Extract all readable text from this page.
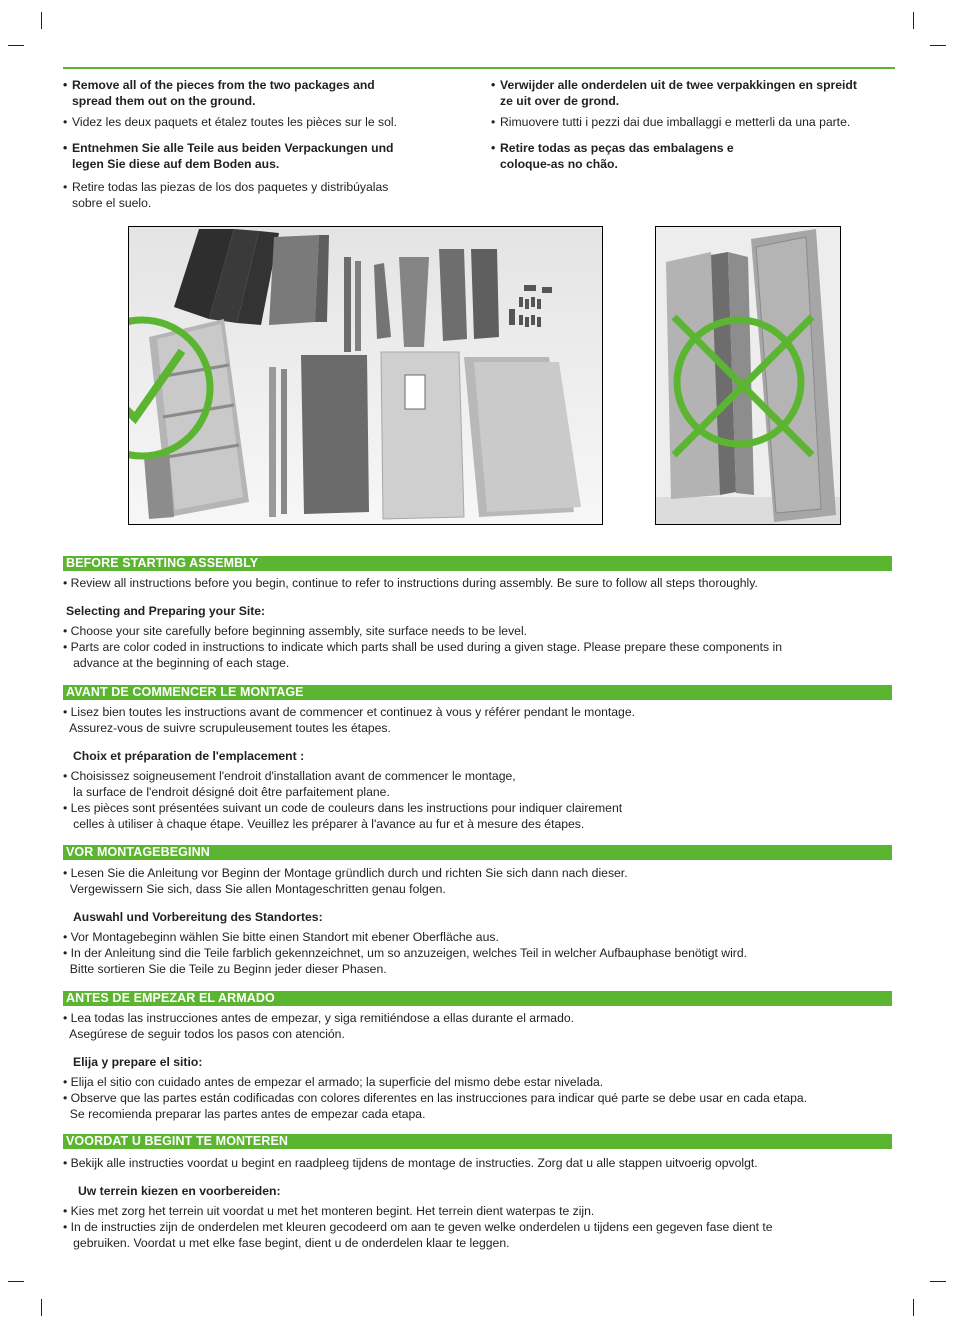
• Remove all of the pieces from the two packages and

spread them out on the ground.

• Videz les deux paquets et étalez toutes les pièces sur le sol.

• Entnehmen Sie alle Teile aus beiden Verpackungen und

legen Sie diese auf dem Boden aus.

• Retire todas las piezas de los dos paquetes y distribúyalas

sobre el suelo.

• Verwijder alle onderdelen uit de twee verpakkingen en spreidt

ze uit over de grond.

• Rimuovere tutti i pezzi dai due imballaggi e metterli da una parte.

• Retire todas as peças das embalagens e

coloque-as no chão.

BEFORE STARTING ASSEMBLY

• Review all instructions before you begin, continue to refer to instructions during assembly. Be sure to follow all steps thoroughly.

Selecting and Preparing your Site:

• Choose your site carefully before beginning assembly, site surface needs to be level.

• Parts are color coded in instructions to indicate which parts shall be used during a given stage. Please prepare these components in

advance at the beginning of each stage.

AVANT DE COMMENCER LE MONTAGE

• Lisez bien toutes les instructions avant de commencer et continuez à vous y référer pendant le montage.

Assurez-vous de suivre scrupuleusement toutes les étapes.

Choix et préparation de l'emplacement :

• Choisissez soigneusement l'endroit d'installation avant de commencer le montage,

la surface de l'endroit désigné doit être parfaitement plane.

• Les pièces sont présentées suivant un code de couleurs dans les instructions pour indiquer clairement

celles à utiliser à chaque étape. Veuillez les préparer à l'avance au fur et à mesure des étapes.

VOR MONTAGEBEGINN

• Lesen Sie die Anleitung vor Beginn der Montage gründlich durch und richten Sie sich dann nach dieser.

Vergewissern Sie sich, dass Sie allen Montageschritten genau folgen.

Auswahl und Vorbereitung des Standortes:

• Vor Montagebeginn wählen Sie bitte einen Standort mit ebener Oberfläche aus.

• In der Anleitung sind die Teile farblich gekennzeichnet, um so anzuzeigen, welches Teil in welcher Aufbauphase benötigt wird.

Bitte sortieren Sie die Teile zu Beginn jeder dieser Phasen.

ANTES DE EMPEZAR EL ARMADO

• Lea todas las instrucciones antes de empezar, y siga remitiéndose a ellas durante el armado.

Asegúrese de seguir todos los pasos con atención.

Elija y prepare el sitio:

• Elija el sitio con cuidado antes de empezar el armado; la superficie del mismo debe estar nivelada.

• Observe que las partes están codificadas con colores diferentes en las instrucciones para indicar qué parte se debe usar en cada etapa.

Se recomienda preparar las partes antes de empezar cada etapa.

VOORDAT U BEGINT TE MONTEREN

• Bekijk alle instructies voordat u begint en raadpleeg tijdens de montage de instructies. Zorg dat u alle stappen uitvoerig opvolgt.

Uw terrein kiezen en voorbereiden:

• Kies met zorg het terrein uit voordat u met het monteren begint. Het terrein dient waterpas te zijn.

• In de instructies zijn de onderdelen met kleuren gecodeerd om aan te geven welke onderdelen u tijdens een gegeven fase dient te

gebruiken. Voordat u met elke fase begint, dient u de onderdelen klaar te leggen.
